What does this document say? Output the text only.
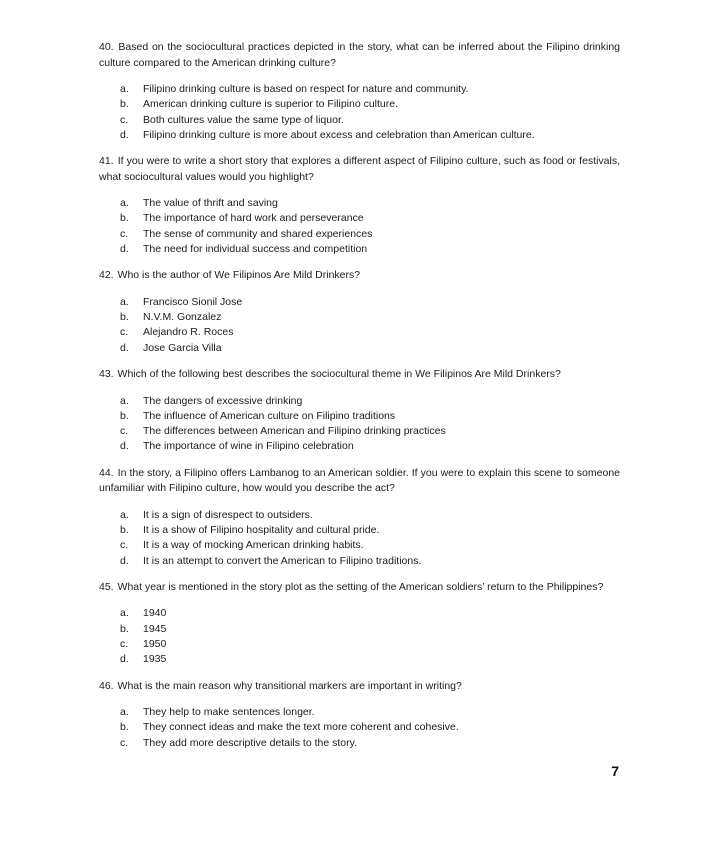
40. Based on the sociocultural practices depicted in the story, what can be inferred about the Filipino drinking culture compared to the American drinking culture?

a.	Filipino drinking culture is based on respect for nature and community.
b.	American drinking culture is superior to Filipino culture.
c.	Both cultures value the same type of liquor.
d.	Filipino drinking culture is more about excess and celebration than American culture.

41. If you were to write a short story that explores a different aspect of Filipino culture, such as food or festivals, what sociocultural values would you highlight?

a.	The value of thrift and saving
b.	The importance of hard work and perseverance
c.	The sense of community and shared experiences
d.	The need for individual success and competition

42. Who is the author of We Filipinos Are Mild Drinkers?

a.	Francisco Sionil Jose
b.	N.V.M. Gonzalez
c.	Alejandro R. Roces
d.	Jose Garcia Villa

43. Which of the following best describes the sociocultural theme in We Filipinos Are Mild Drinkers?

a.	The dangers of excessive drinking
b.	The influence of American culture on Filipino traditions
c.	The differences between American and Filipino drinking practices
d.	The importance of wine in Filipino celebration

44. In the story, a Filipino offers Lambanog to an American soldier. If you were to explain this scene to someone unfamiliar with Filipino culture, how would you describe the act?

a.	It is a sign of disrespect to outsiders.
b.	It is a show of Filipino hospitality and cultural pride.
c.	It is a way of mocking American drinking habits.
d.	It is an attempt to convert the American to Filipino traditions.

45. What year is mentioned in the story plot as the setting of the American soldiers’ return to the Philippines?

a.	1940
b.	1945
c.	1950
d.	1935

46. What is the main reason why transitional markers are important in writing?

a.	They help to make sentences longer.
b.	They connect ideas and make the text more coherent and cohesive.
c.	They add more descriptive details to the story.
7
